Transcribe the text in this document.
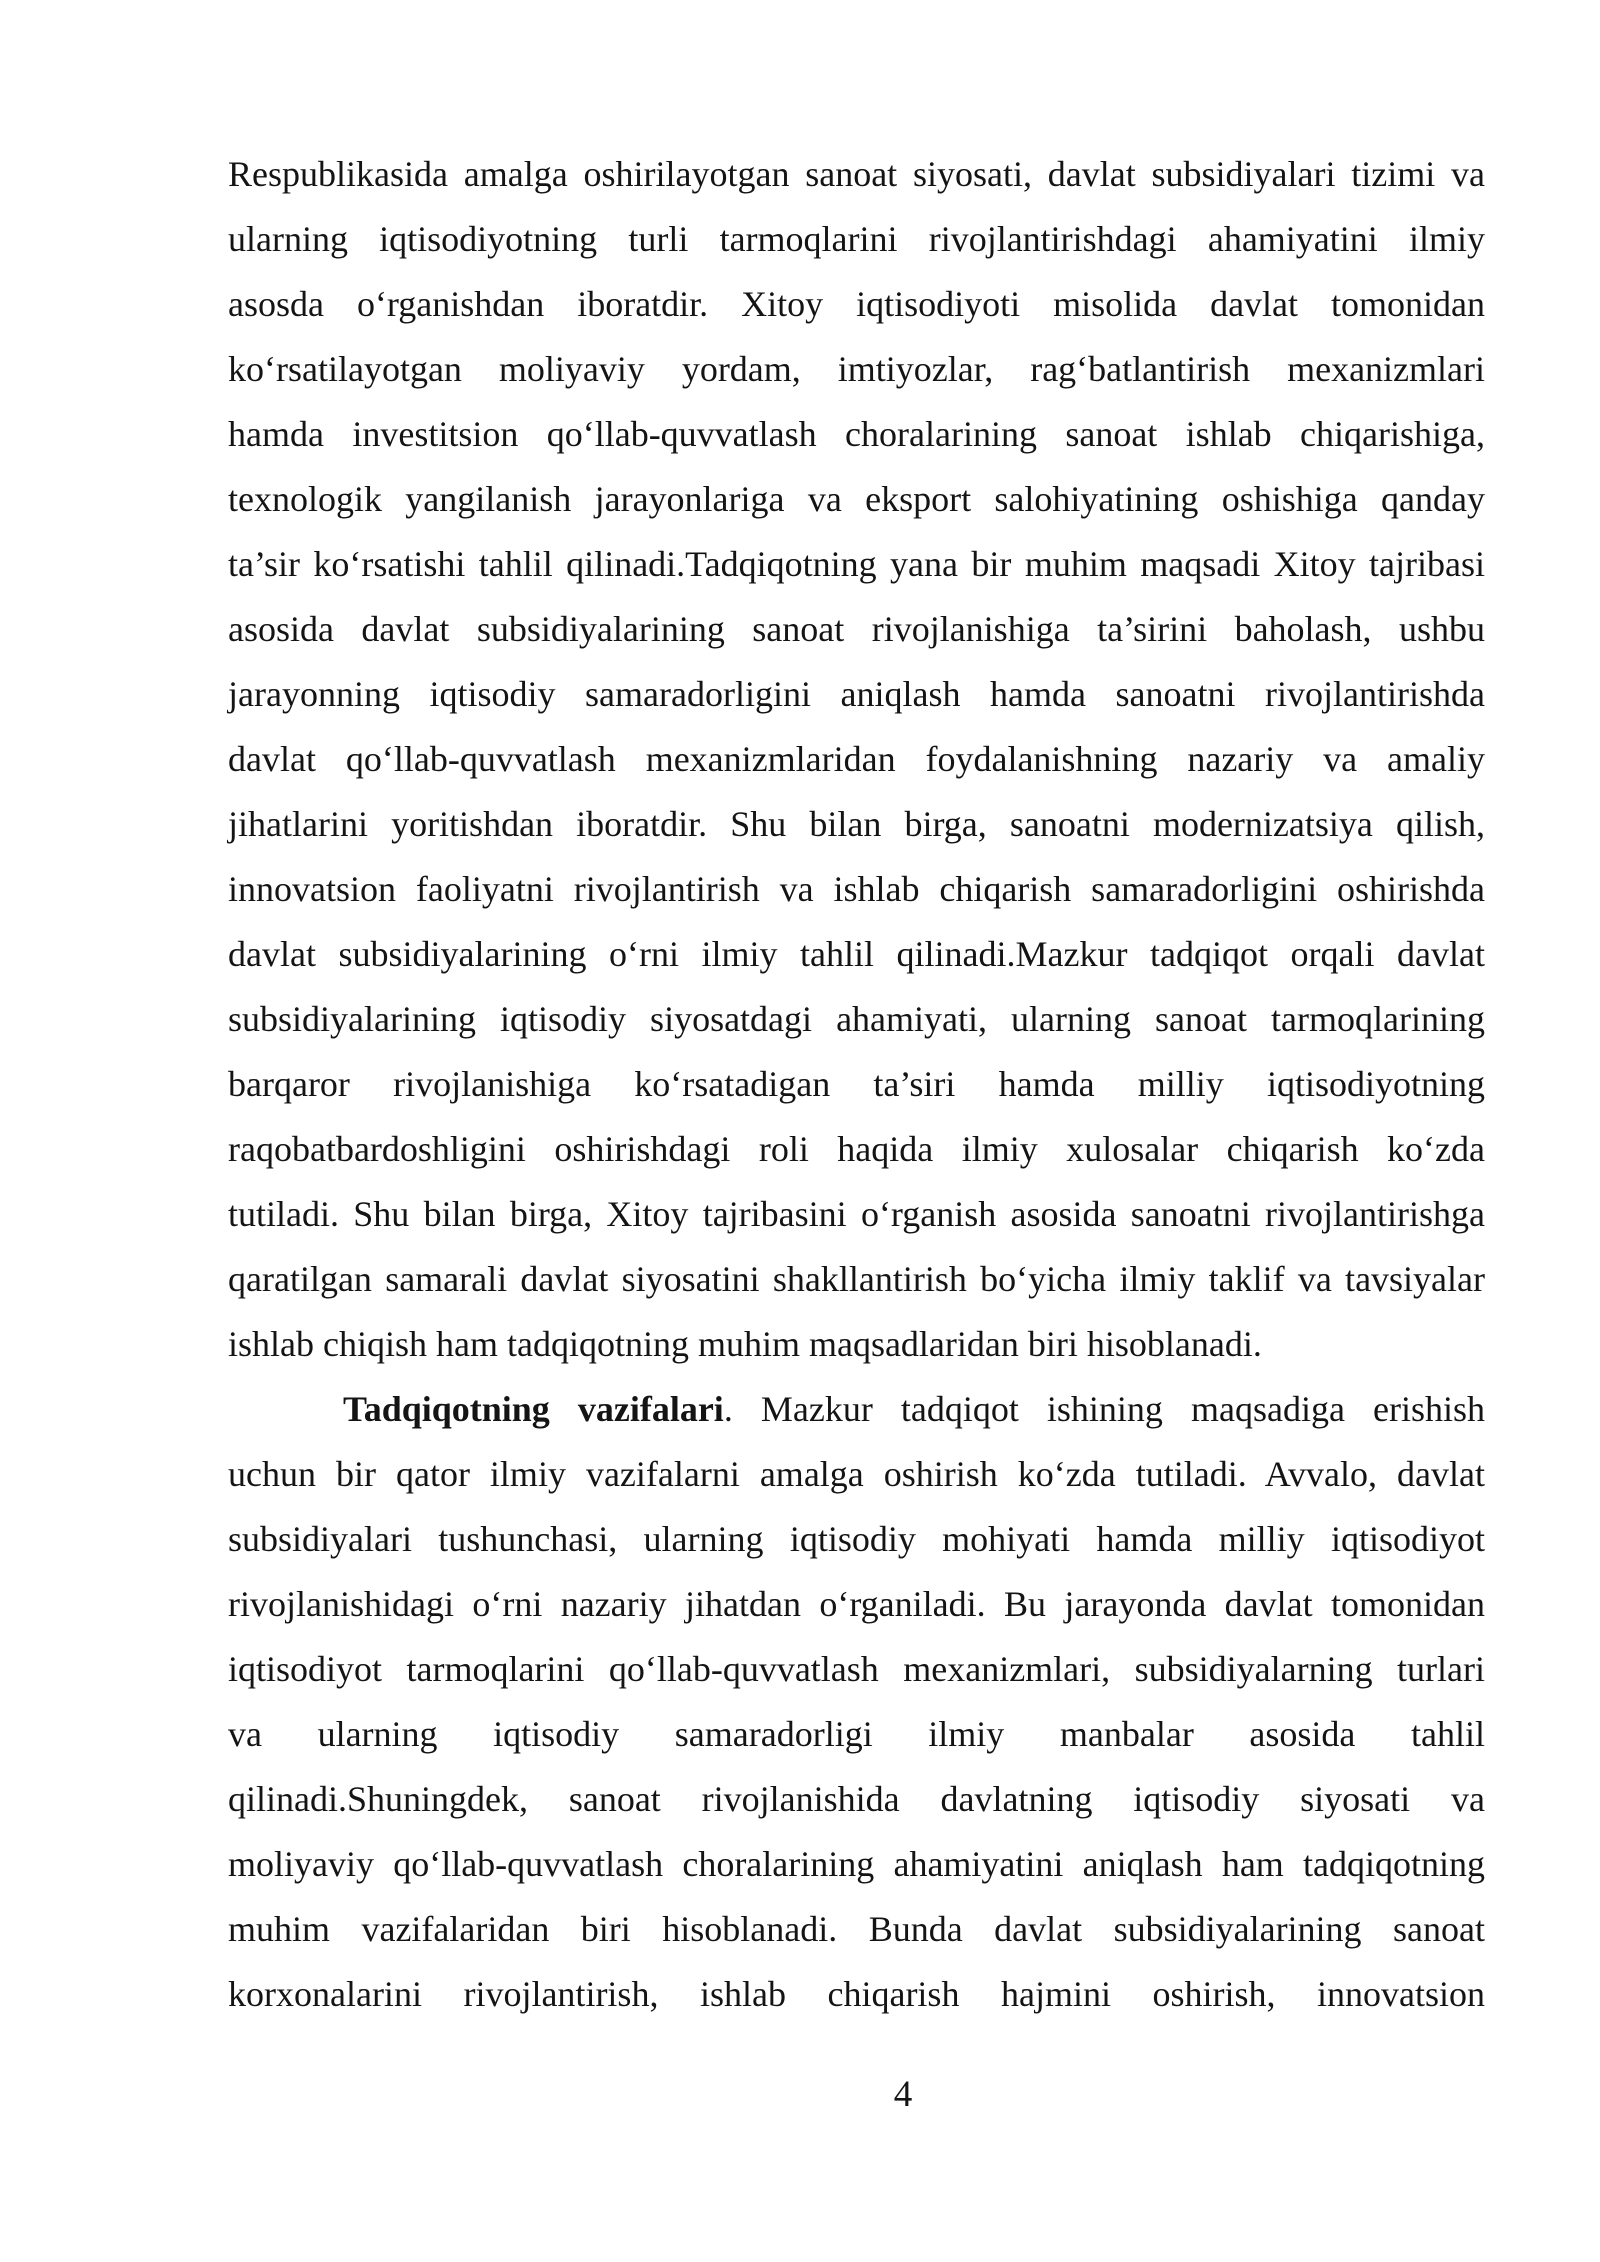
Respublikasida amalga oshirilayotgan sanoat siyosati, davlat subsidiyalari tizimi va
ularning iqtisodiyotning turli tarmoqlarini rivojlantirishdagi ahamiyatini ilmiy
asosda o‘rganishdan iboratdir. Xitoy iqtisodiyoti misolida davlat tomonidan
ko‘rsatilayotgan moliyaviy yordam, imtiyozlar, rag‘batlantirish mexanizmlari
hamda investitsion qo‘llab-quvvatlash choralarining sanoat ishlab chiqarishiga,
texnologik yangilanish jarayonlariga va eksport salohiyatining oshishiga qanday
ta’sir ko‘rsatishi tahlil qilinadi.Tadqiqotning yana bir muhim maqsadi Xitoy tajribasi
asosida davlat subsidiyalarining sanoat rivojlanishiga ta’sirini baholash, ushbu
jarayonning iqtisodiy samaradorligini aniqlash hamda sanoatni rivojlantirishda
davlat qo‘llab-quvvatlash mexanizmlaridan foydalanishning nazariy va amaliy
jihatlarini yoritishdan iboratdir. Shu bilan birga, sanoatni modernizatsiya qilish,
innovatsion faoliyatni rivojlantirish va ishlab chiqarish samaradorligini oshirishda
davlat subsidiyalarining o‘rni ilmiy tahlil qilinadi.Mazkur tadqiqot orqali davlat
subsidiyalarining iqtisodiy siyosatdagi ahamiyati, ularning sanoat tarmoqlarining
barqaror rivojlanishiga ko‘rsatadigan ta’siri hamda milliy iqtisodiyotning
raqobatbardoshligini oshirishdagi roli haqida ilmiy xulosalar chiqarish ko‘zda
tutiladi. Shu bilan birga, Xitoy tajribasini o‘rganish asosida sanoatni rivojlantirishga
qaratilgan samarali davlat siyosatini shakllantirish bo‘yicha ilmiy taklif va tavsiyalar
ishlab chiqish ham tadqiqotning muhim maqsadlaridan biri hisoblanadi.
Tadqiqotning vazifalari. Mazkur tadqiqot ishining maqsadiga erishish
uchun bir qator ilmiy vazifalarni amalga oshirish ko‘zda tutiladi. Avvalo, davlat
subsidiyalari tushunchasi, ularning iqtisodiy mohiyati hamda milliy iqtisodiyot
rivojlanishidagi o‘rni nazariy jihatdan o‘rganiladi. Bu jarayonda davlat tomonidan
iqtisodiyot tarmoqlarini qo‘llab-quvvatlash mexanizmlari, subsidiyalarning turlari
va ularning iqtisodiy samaradorligi ilmiy manbalar asosida tahlil
qilinadi.Shuningdek, sanoat rivojlanishida davlatning iqtisodiy siyosati va
moliyaviy qo‘llab-quvvatlash choralarining ahamiyatini aniqlash ham tadqiqotning
muhim vazifalaridan biri hisoblanadi. Bunda davlat subsidiyalarining sanoat
korxonalarini rivojlantirish, ishlab chiqarish hajmini oshirish, innovatsion
4
